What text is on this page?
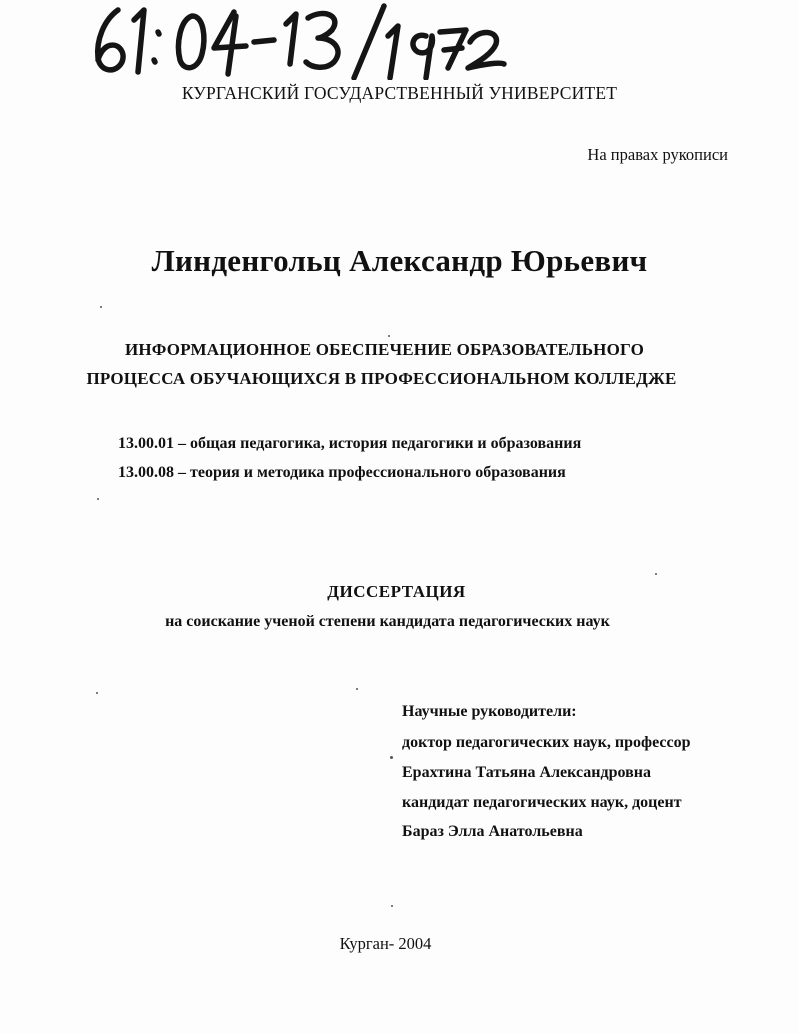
КУРГАНСКИЙ ГОСУДАРСТВЕННЫЙ УНИВЕРСИТЕТ
На правах рукописи
Линденгольц Александр Юрьевич
ИНФОРМАЦИОННОЕ ОБЕСПЕЧЕНИЕ ОБРАЗОВАТЕЛЬНОГО
ПРОЦЕССА ОБУЧАЮЩИХСЯ В ПРОФЕССИОНАЛЬНОМ КОЛЛЕДЖЕ
13.00.01 – общая педагогика, история педагогики и образования
13.00.08 – теория и методика профессионального образования
ДИССЕРТАЦИЯ
на соискание ученой степени кандидата педагогических наук
Научные руководители:
доктор педагогических наук, профессор
Ерахтина Татьяна Александровна
кандидат педагогических наук, доцент
Бараз Элла Анатольевна
Курган- 2004
